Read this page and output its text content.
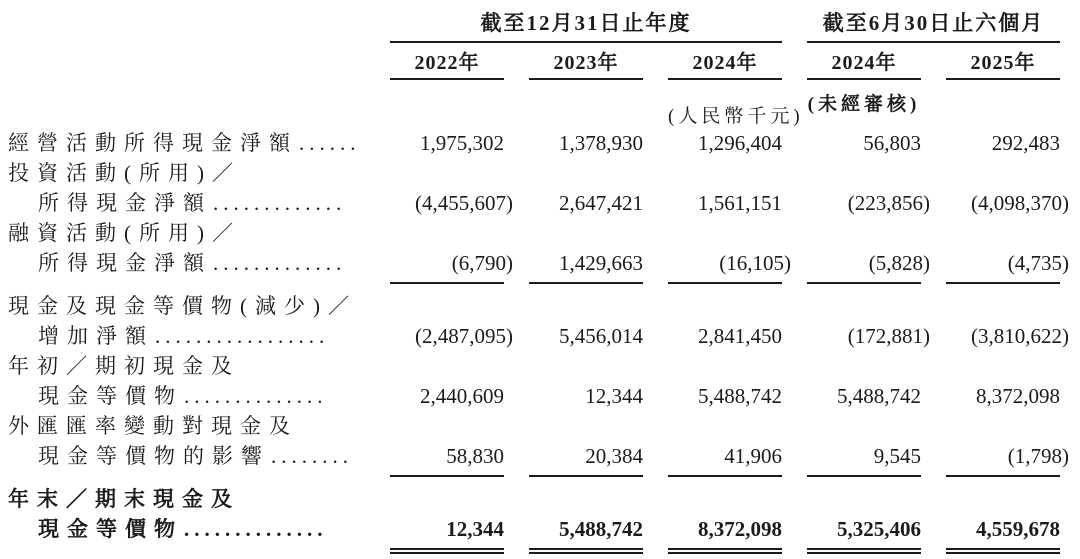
截至12月31日止年度	截至6月30日止六個月
2022年	2023年	2024年	2024年	2025年
(人民幣千元)
(未經審核)
經營活動所得現金淨額......	1,975,302	1,378,930	1,296,404	56,803	292,483
投資活動(所用)／
所得現金淨額.............	(4,455,607)	2,647,421	1,561,151	(223,856)	(4,098,370)
融資活動(所用)／
所得現金淨額.............	(6,790)	1,429,663	(16,105)	(5,828)	(4,735)
現金及現金等價物(減少)／
增加淨額.................	(2,487,095)	5,456,014	2,841,450	(172,881)	(3,810,622)
年初／期初現金及
現金等價物..............	2,440,609	12,344	5,488,742	5,488,742	8,372,098
外匯匯率變動對現金及
現金等價物的影響........	58,830	20,384	41,906	9,545	(1,798)
年末／期末現金及
現金等價物..............	12,344	5,488,742	8,372,098	5,325,406	4,559,678
